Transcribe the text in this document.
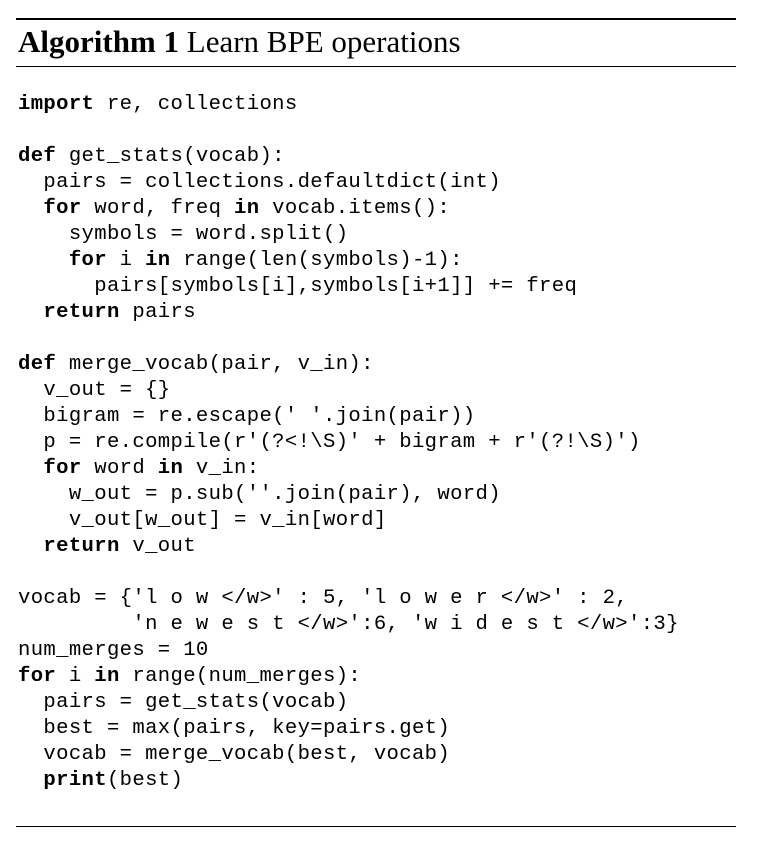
Algorithm 1 Learn BPE operations
import re, collections
def get_stats(vocab):
pairs = collections.defaultdict(int)
for word, freq in vocab.items():
symbols = word.split()
for i in range(len(symbols)-1):
pairs[symbols[i],symbols[i+1]] += freq
return pairs
def merge_vocab(pair, v_in):
v_out = {}
bigram = re.escape(' '.join(pair))
p = re.compile(r'(?<!\S)' + bigram + r'(?!\S)')
for word in v_in:
w_out = p.sub(''.join(pair), word)
v_out[w_out] = v_in[word]
return v_out
vocab = {'l o w </w>' : 5, 'l o w e r </w>' : 2,
'n e w e s t </w>':6, 'w i d e s t </w>':3}
num_merges = 10
for i in range(num_merges):
pairs = get_stats(vocab)
best = max(pairs, key=pairs.get)
vocab = merge_vocab(best, vocab)
print(best)
